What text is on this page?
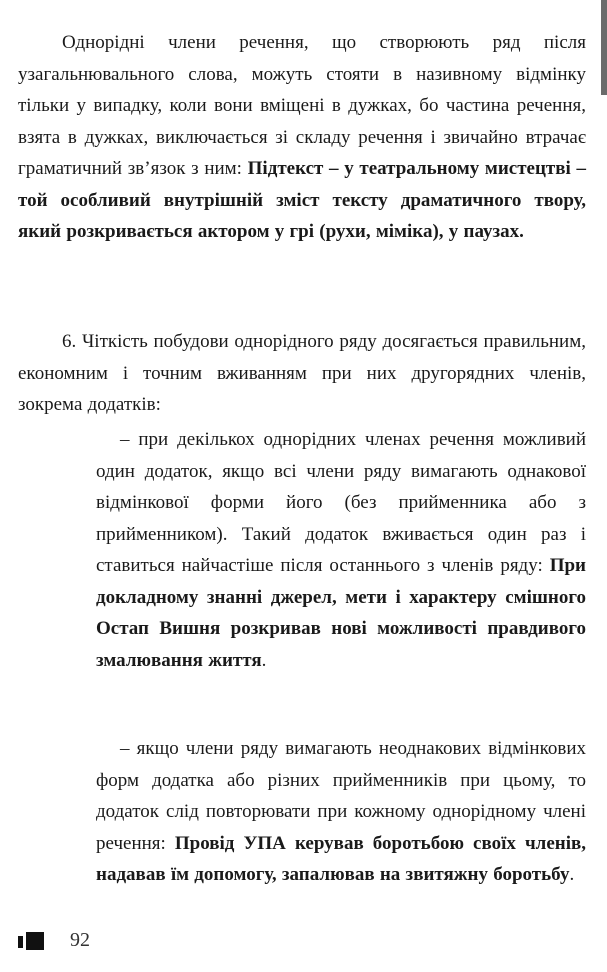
Однорідні члени речення, що створюють ряд після узагальнювального слова, можуть стояти в називному відмінку тільки у випадку, коли вони вміщені в дужках, бо частина речення, взята в дужках, виключається зі складу речення і звичайно втрачає граматичний зв’язок з ним: Підтекст – у театральному мистецтві – той особливий внутрішній зміст тексту драматичного твору, який розкривається актором у грі (рухи, міміка), у паузах.

6. Чіткість побудови однорідного ряду досягається правильним, економним і точним вживанням при них другорядних членів, зокрема додатків:

– при декількох однорідних членах речення можливий один додаток, якщо всі члени ряду вимагають однакової відмінкової форми його (без прийменника або з прийменником). Такий додаток вживається один раз і ставиться найчастіше після останнього з членів ряду: При докладному знанні джерел, мети і характеру смішного Остап Вишня розкривав нові можливості правдивого змалювання життя.

– якщо члени ряду вимагають неоднакових відмінкових форм додатка або різних прийменників при цьому, то додаток слід повторювати при кожному однорідному члені речення: Провід УПА керував боротьбою своїх членів, надавав їм допомогу, запалював на звитяжну боротьбу.

92
